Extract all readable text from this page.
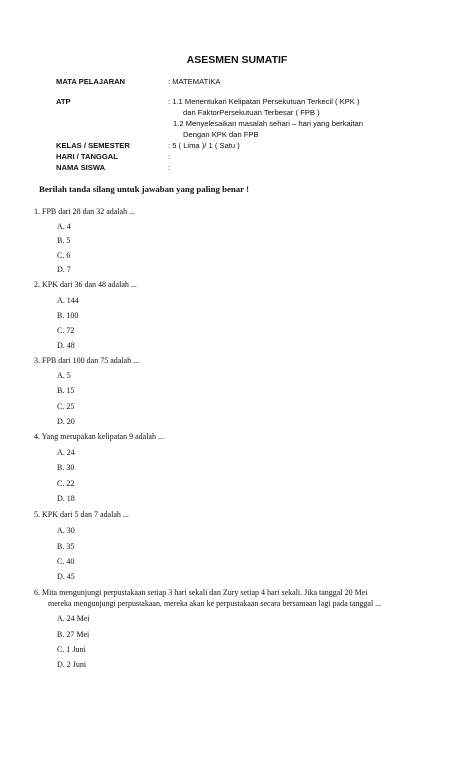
ASESMEN SUMATIF
MATA PELAJARAN	: MATEMATIKA
ATP	: 1.1 Menentukan Kelipatan Persekutuan Terkecil ( KPK )
dan FaktorPersekutuan Terbesar ( FPB )
1.2 Menyelesaikan masalah sehari – hari yang berkaitan
Dengan KPK dan FPB
KELAS / SEMESTER	: 5 ( Lima )/ 1 ( Satu )
HARI / TANGGAL	:
NAMA SISWA	:
Berilah tanda silang untuk jawaban yang paling benar !
1. FPB dari 28 dan 32 adalah ...
A. 4
B. 5
C. 6
D. 7
2. KPK dari 36 dan 48 adalah ...
A. 144
B. 100
C. 72
D. 48
3. FPB dari 100 dan 75 adalah ...
A. 5
B. 15
C. 25
D. 20
4. Yang merupakan kelipatan 9 adalah ...
A. 24
B. 30
C. 22
D. 18
5. KPK dari 5 dan 7 adalah ...
A. 30
B. 35
C. 40
D. 45
6. Mita mengunjungi perpustakaan setiap 3 hari sekali dan Zury setiap 4 hari sekali. Jika tanggal 20 Mei
mereka mengunjungi perpustakaan, mereka akan ke perpustakaan secara bersamaan lagi pada tanggal ...
A. 24 Mei
B. 27 Mei
C. 1 Juni
D. 2 Juni
